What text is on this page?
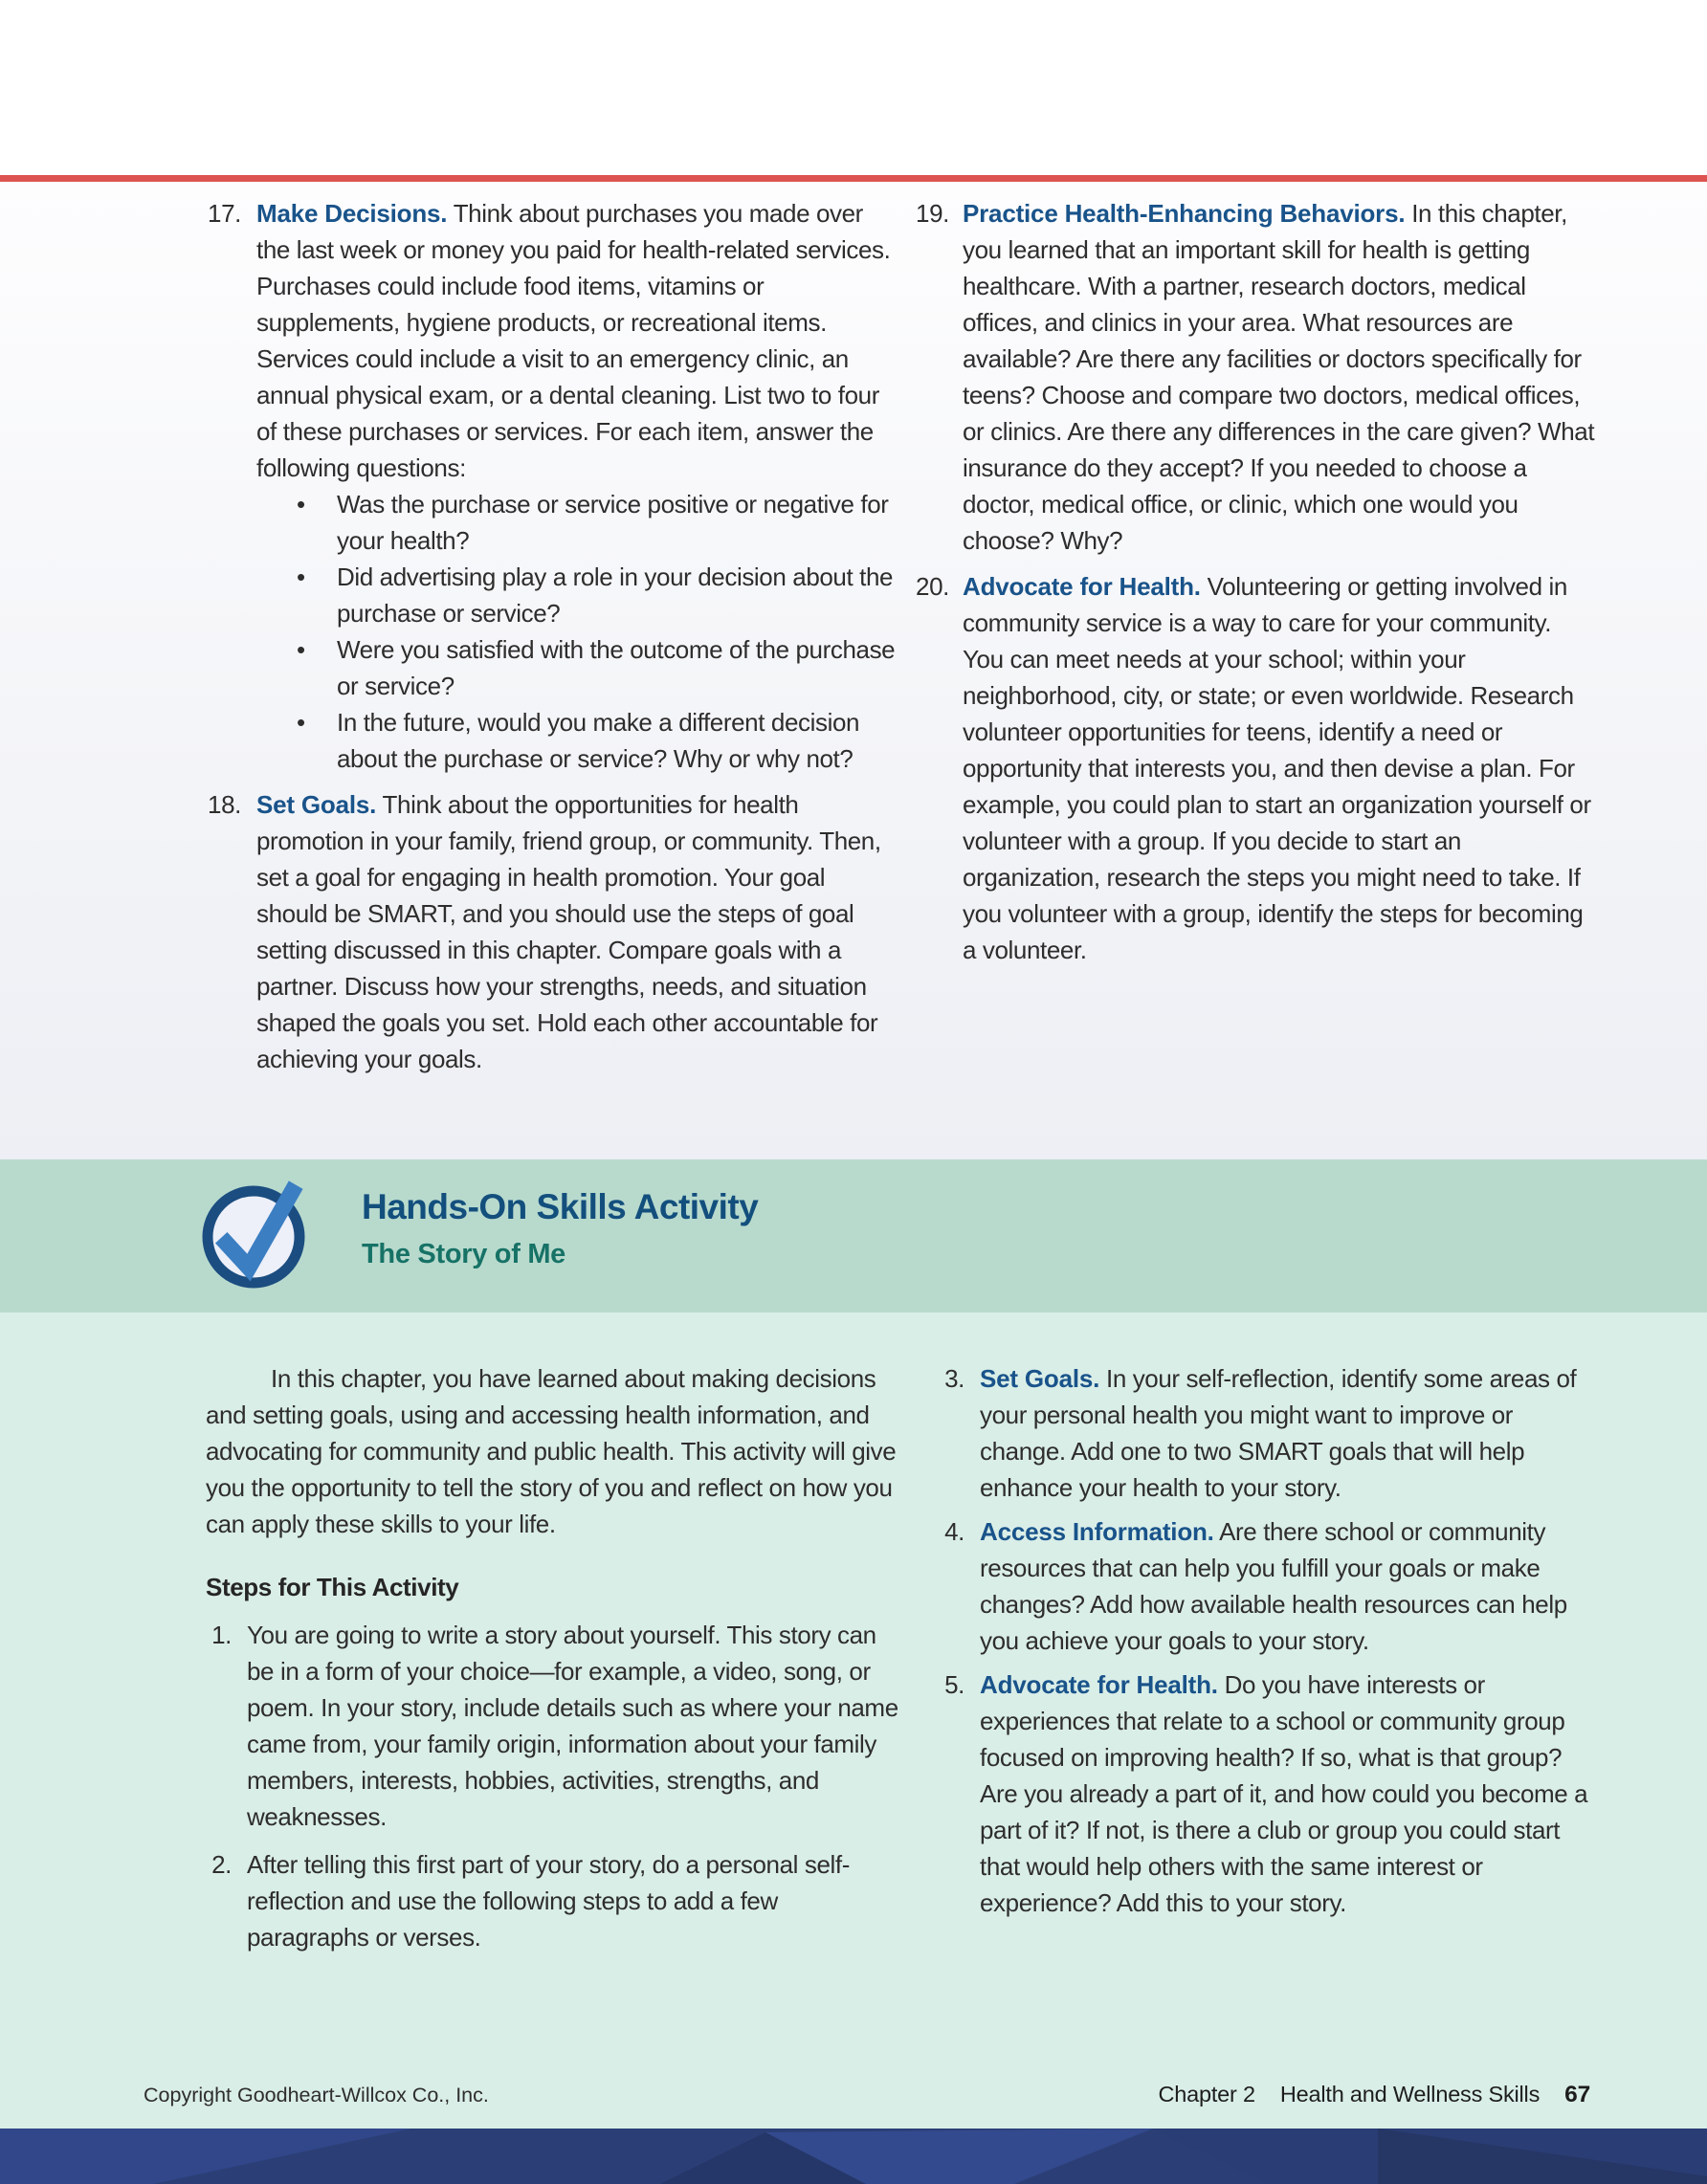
17. Make Decisions. Think about purchases you made over the last week or money you paid for health-related services. Purchases could include food items, vitamins or supplements, hygiene products, or recreational items. Services could include a visit to an emergency clinic, an annual physical exam, or a dental cleaning. List two to four of these purchases or services. For each item, answer the following questions:
•	Was the purchase or service positive or negative for your health?
•	Did advertising play a role in your decision about the purchase or service?
•	Were you satisfied with the outcome of the purchase or service?
•	In the future, would you make a different decision about the purchase or service? Why or why not?
18. Set Goals. Think about the opportunities for health promotion in your family, friend group, or community. Then, set a goal for engaging in health promotion. Your goal should be SMART, and you should use the steps of goal setting discussed in this chapter. Compare goals with a partner. Discuss how your strengths, needs, and situation shaped the goals you set. Hold each other accountable for achieving your goals.
19. Practice Health-Enhancing Behaviors. In this chapter, you learned that an important skill for health is getting healthcare. With a partner, research doctors, medical offices, and clinics in your area. What resources are available? Are there any facilities or doctors specifically for teens? Choose and compare two doctors, medical offices, or clinics. Are there any differences in the care given? What insurance do they accept? If you needed to choose a doctor, medical office, or clinic, which one would you choose? Why?
20. Advocate for Health. Volunteering or getting involved in community service is a way to care for your community. You can meet needs at your school; within your neighborhood, city, or state; or even worldwide. Research volunteer opportunities for teens, identify a need or opportunity that interests you, and then devise a plan. For example, you could plan to start an organization yourself or volunteer with a group. If you decide to start an organization, research the steps you might need to take. If you volunteer with a group, identify the steps for becoming a volunteer.
Hands-On Skills Activity
The Story of Me

In this chapter, you have learned about making decisions and setting goals, using and accessing health information, and advocating for community and public health. This activity will give you the opportunity to tell the story of you and reflect on how you can apply these skills to your life.

Steps for This Activity
1. You are going to write a story about yourself. This story can be in a form of your choice—for example, a video, song, or poem. In your story, include details such as where your name came from, your family origin, information about your family members, interests, hobbies, activities, strengths, and weaknesses.
2. After telling this first part of your story, do a personal self-reflection and use the following steps to add a few paragraphs or verses.
3. Set Goals. In your self-reflection, identify some areas of your personal health you might want to improve or change. Add one to two SMART goals that will help enhance your health to your story.
4. Access Information. Are there school or community resources that can help you fulfill your goals or make changes? Add how available health resources can help you achieve your goals to your story.
5. Advocate for Health. Do you have interests or experiences that relate to a school or community group focused on improving health? If so, what is that group? Are you already a part of it, and how could you become a part of it? If not, is there a club or group you could start that would help others with the same interest or experience? Add this to your story.
Copyright Goodheart-Willcox Co., Inc.	Chapter 2 Health and Wellness Skills 67
